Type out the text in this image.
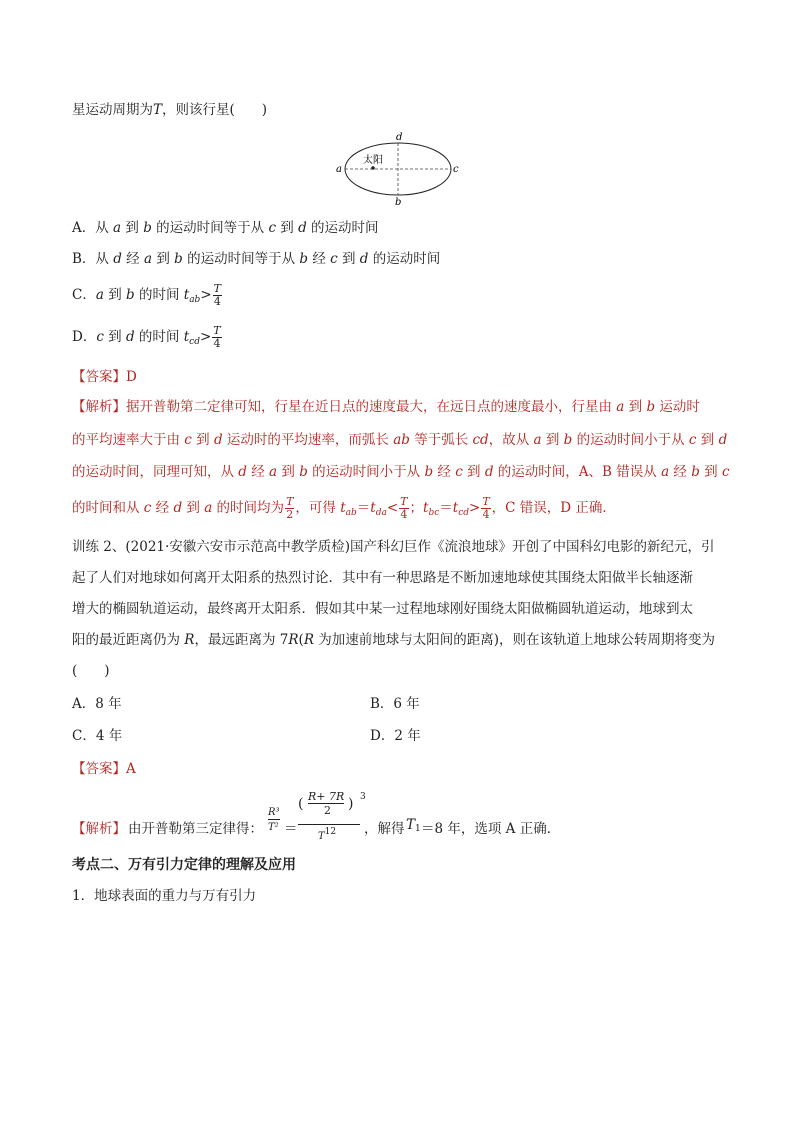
星运动周期为T，则该行星(　　)
d
a	c
b
太阳
A．从 a 到 b 的运动时间等于从 c 到 d 的运动时间
B．从 d 经 a 到 b 的运动时间等于从 b 经 c 到 d 的运动时间
C．a 到 b 的时间 $t_{ab}> \frac{T}{4}$
D．c 到 d 的时间 $t_{cd}> \frac{T}{4}$
【答案】D
【解析】据开普勒第二定律可知，行星在近日点的速度最大，在远日点的速度最小，行星由 a 到 b 运动时
的平均速率大于由 c 到 d 运动时的平均速率，而弧长 ab 等于弧长 cd，故从 a 到 b 的运动时间小于从 c 到 d
的运动时间，同理可知，从 d 经 a 到 b 的运动时间小于从 b 经 c 到 d 的运动时间，A、B 错误从 a 经 b 到 c
的时间和从 c 经 d 到 a 的时间均为 $\frac{T}{2}$ ，可得 $t_{ab}=t_{da}< \frac{T}{4}$ ；$t_{bc}=t_{cd}> \frac{T}{4}$ ，C 错误，D 正确．
训练 2、(2021·安徽六安市示范高中教学质检)国产科幻巨作《流浪地球》开创了中国科幻电影的新纪元，引
起了人们对地球如何离开太阳系的热烈讨论．其中有一种思路是不断加速地球使其围绕太阳做半长轴逐渐
增大的椭圆轨道运动，最终离开太阳系．假如其中某一过程地球刚好围绕太阳做椭圆轨道运动，地球到太
阳的最近距离仍为 R，最远距离为 7R(R 为加速前地球与太阳间的距离)，则在该轨道上地球公转周期将变为
(　　)
A．8 年	B．6 年
C．4 年	D．2 年
【答案】A
【解析】 由开普勒第三定律得：
R³
T² ＝
( R+ 7R
2 ) 3
$T^{12}$ ，解得 T 1 ＝8 年，选项 A 正确．
考点二、万有引力定律的理解及应用
1．地球表面的重力与万有引力
